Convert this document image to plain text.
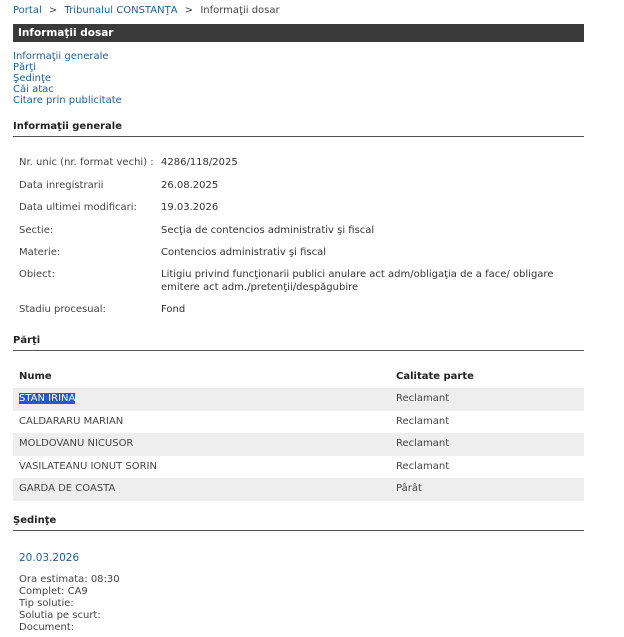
Portal > Tribunalul CONSTANŢA > Informaţii dosar
Informaţii dosar
Informaţii generale
Părţi
Şedinţe
Căi atac
Citare prin publicitate
Informaţii generale
Nr. unic (nr. format vechi) : 4286/118/2025
Data inregistrarii	26.08.2025
Data ultimei modificari: 19.03.2026
Sectie:	Secţia de contencios administrativ şi fiscal
Materie:	Contencios administrativ şi fiscal
Obiect:	Litigiu privind funcţionarii publici anulare act adm/obligaţia de a face/ obligare emitere act adm./pretenţii/despăgubire
Stadiu procesual:	Fond
Părţi
Nume	Calitate parte
STAN IRINA	Reclamant
CALDARARU MARIAN	Reclamant
MOLDOVANU NICUSOR	Reclamant
VASILATEANU IONUT SORIN	Reclamant
GARDA DE COASTA	Pârât
Şedinţe
20.03.2026
Ora estimata: 08:30
Complet: CA9
Tip solutie:
Solutia pe scurt:
Document:
